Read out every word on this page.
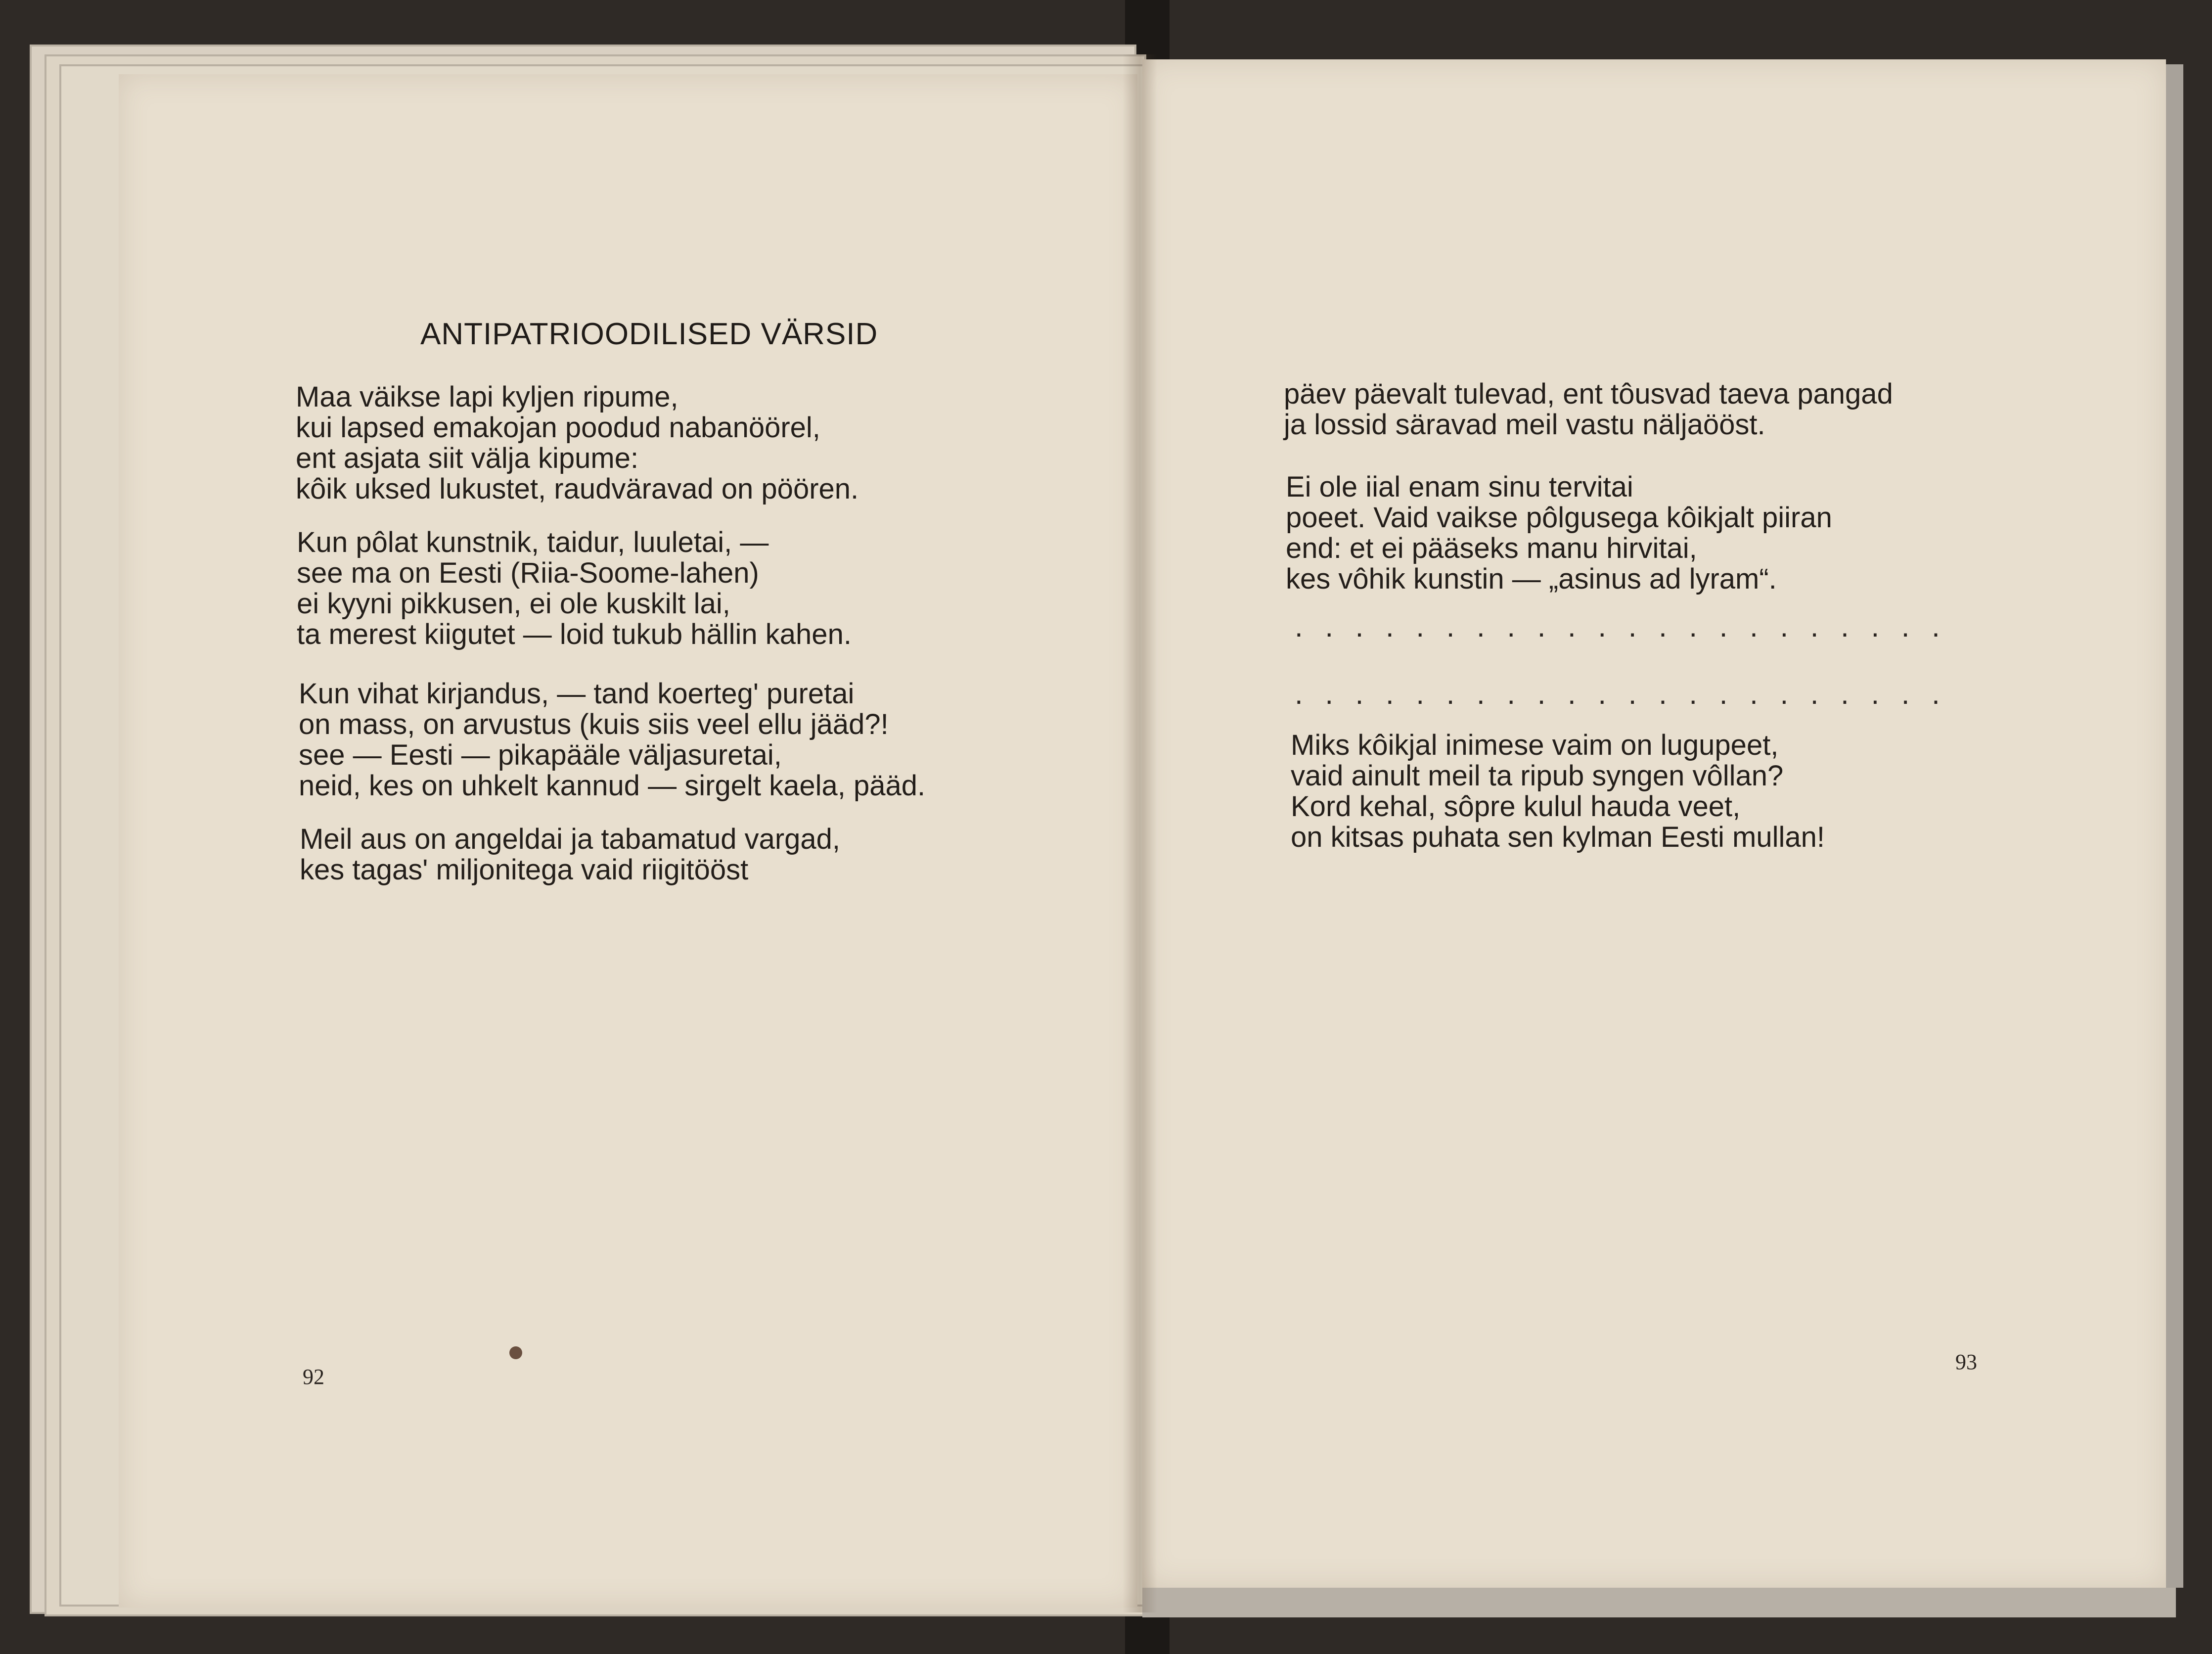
ANTIPATRIOODILISED VÄRSID
Maa väikse lapi kyljen ripume,
kui lapsed emakojan poodud nabanöörel,
ent asjata siit välja kipume:
kôik uksed lukustet, raudväravad on pöören.
Kun pôlat kunstnik, taidur, luuletai, —
see ma on Eesti (Riia-Soome-lahen)
ei kyyni pikkusen, ei ole kuskilt lai,
ta merest kiigutet — loid tukub hällin kahen.
Kun vihat kirjandus, — tand koerteg' puretai
on mass, on arvustus (kuis siis veel ellu jääd?!
see — Eesti — pikapääle väljasuretai,
neid, kes on uhkelt kannud — sirgelt kaela, pääd.
Meil aus on angeldai ja tabamatud vargad,
kes tagas' miljonitega vaid riigitööst
92
päev päevalt tulevad, ent tôusvad taeva pangad
ja lossid säravad meil vastu näljaööst.
Ei ole iial enam sinu tervitai
poeet. Vaid vaikse pôlgusega kôikjalt piiran
end: et ei pääseks manu hirvitai,
kes vôhik kunstin — „asinus ad lyram“.
. . . . . . . . . . . . . . . . . . . . . .
. . . . . . . . . . . . . . . . . . . . . .
Miks kôikjal inimese vaim on lugupeet,
vaid ainult meil ta ripub syngen vôllan?
Kord kehal, sôpre kulul hauda veet,
on kitsas puhata sen kylman Eesti mullan!
93
